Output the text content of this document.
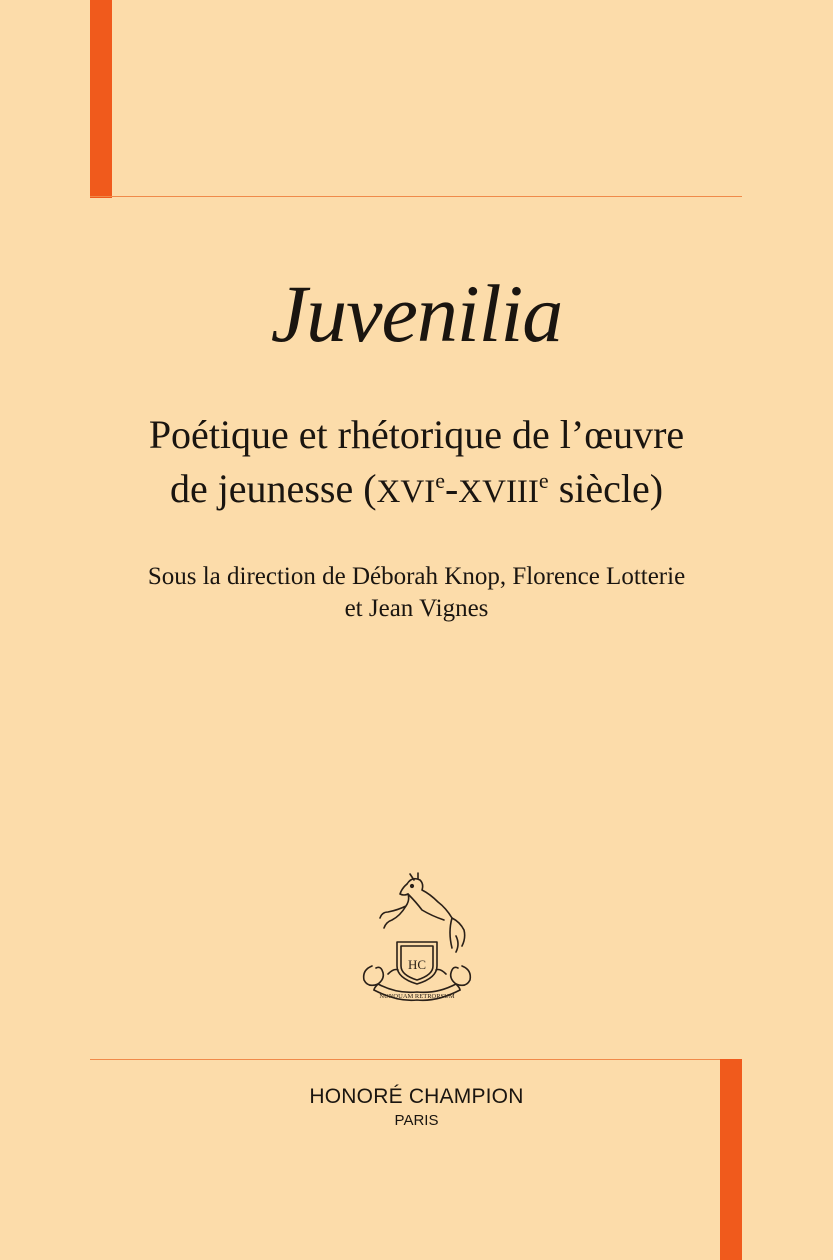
Juvenilia
Poétique et rhétorique de l’œuvre
de jeunesse (XVIe-XVIIIe siècle)
Sous la direction de Déborah Knop, Florence Lotterie
et Jean Vignes
HC
NUNQUAM RETRORSUM
HONORÉ CHAMPION
PARIS
